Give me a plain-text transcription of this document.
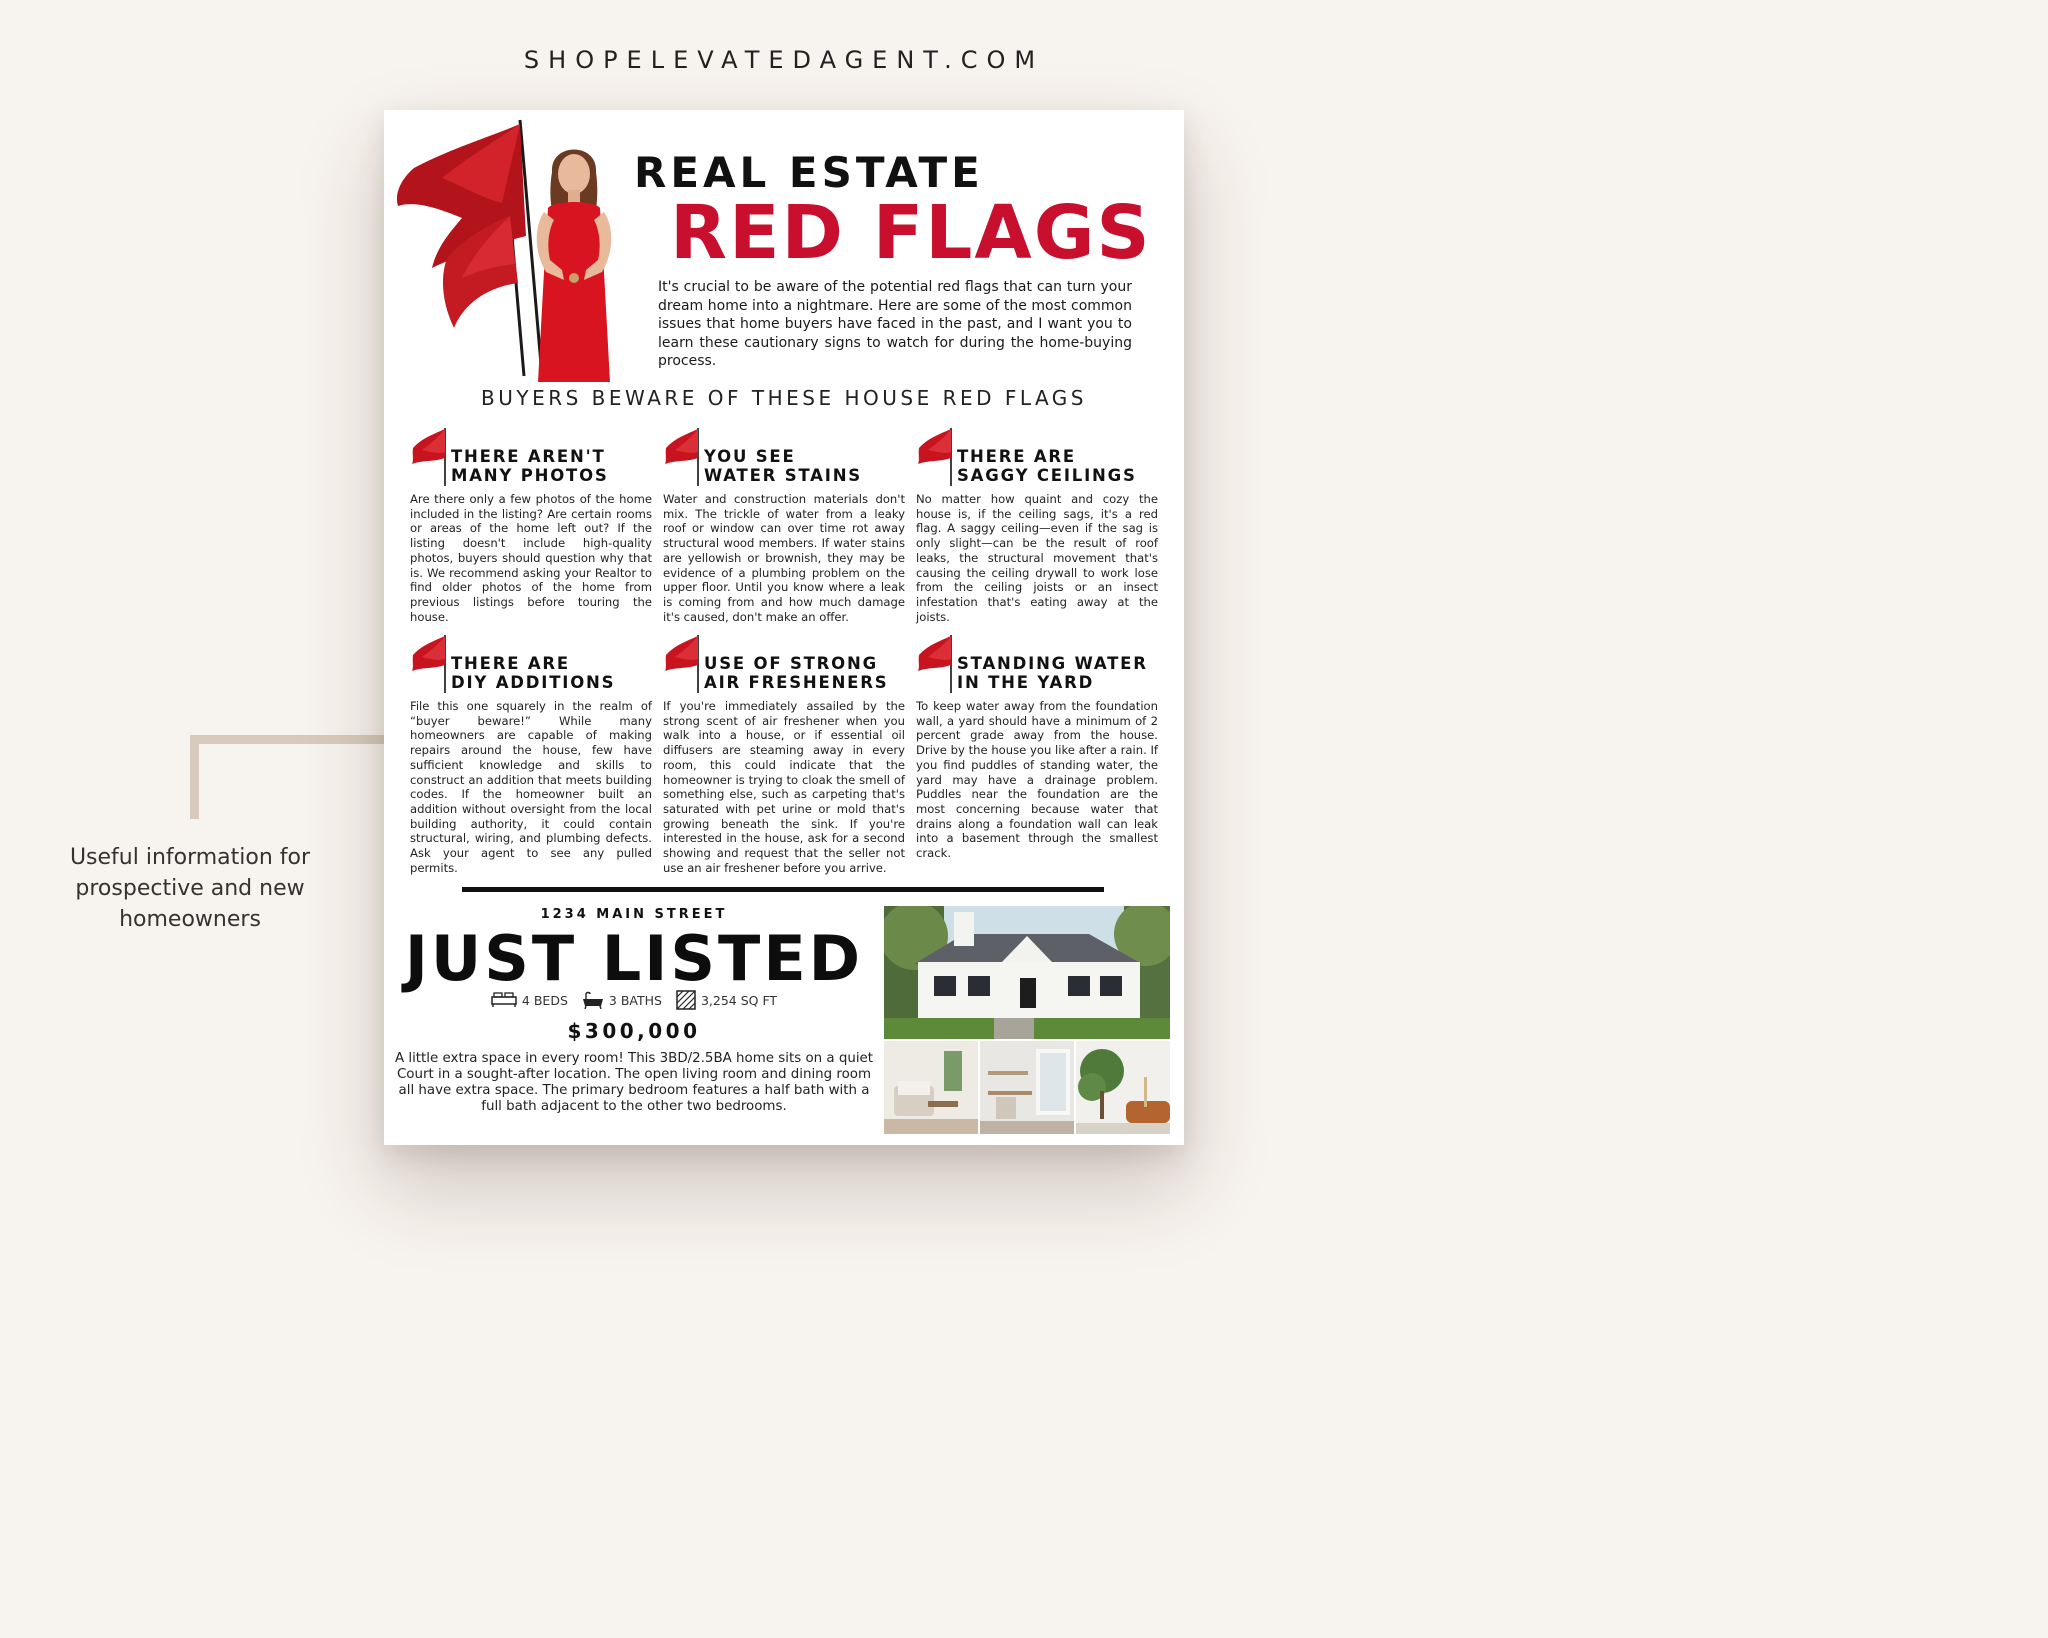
SHOPELEVATEDAGENT.COM
Useful information for prospective and new homeowners
REAL ESTATE
RED FLAGS

It's crucial to be aware of the potential red flags that can turn your dream home into a nightmare. Here are some of the most common issues that home buyers have faced in the past, and I want you to learn these cautionary signs to watch for during the home-buying process.

BUYERS BEWARE OF THESE HOUSE RED FLAGS
THERE AREN'T
MANY PHOTOS

Are there only a few photos of the home included in the listing? Are certain rooms or areas of the home left out? If the listing doesn't include high-quality photos, buyers should question why that is. We recommend asking your Realtor to find older photos of the home from previous listings before touring the house.

YOU SEE
WATER STAINS

Water and construction materials don't mix. The trickle of water from a leaky roof or window can over time rot away structural wood members. If water stains are yellowish or brownish, they may be evidence of a plumbing problem on the upper floor. Until you know where a leak is coming from and how much damage it's caused, don't make an offer.

THERE ARE
SAGGY CEILINGS

No matter how quaint and cozy the house is, if the ceiling sags, it's a red flag. A saggy ceiling—even if the sag is only slight—can be the result of roof leaks, the structural movement that's causing the ceiling drywall to work lose from the ceiling joists or an insect infestation that's eating away at the joists.

THERE ARE
DIY ADDITIONS

File this one squarely in the realm of “buyer beware!” While many homeowners are capable of making repairs around the house, few have sufficient knowledge and skills to construct an addition that meets building codes. If the homeowner built an addition without oversight from the local building authority, it could contain structural, wiring, and plumbing defects. Ask your agent to see any pulled permits.

USE OF STRONG
AIR FRESHENERS

If you're immediately assailed by the strong scent of air freshener when you walk into a house, or if essential oil diffusers are steaming away in every room, this could indicate that the homeowner is trying to cloak the smell of something else, such as carpeting that's saturated with pet urine or mold that's growing beneath the sink. If you're interested in the house, ask for a second showing and request that the seller not use an air freshener before you arrive.

STANDING WATER
IN THE YARD

To keep water away from the foundation wall, a yard should have a minimum of 2 percent grade away from the house. Drive by the house you like after a rain. If you find puddles of standing water, the yard may have a drainage problem. Puddles near the foundation are the most concerning because water that drains along a foundation wall can leak into a basement through the smallest crack.

1234 MAIN STREET
JUST LISTED
4 BEDS	3 BATHS	3,254 SQ FT
$300,000

A little extra space in every room! This 3BD/2.5BA home sits on a quiet Court in a sought-after location. The open living room and dining room all have extra space. The primary bedroom features a half bath with a full bath adjacent to the other two bedrooms.
